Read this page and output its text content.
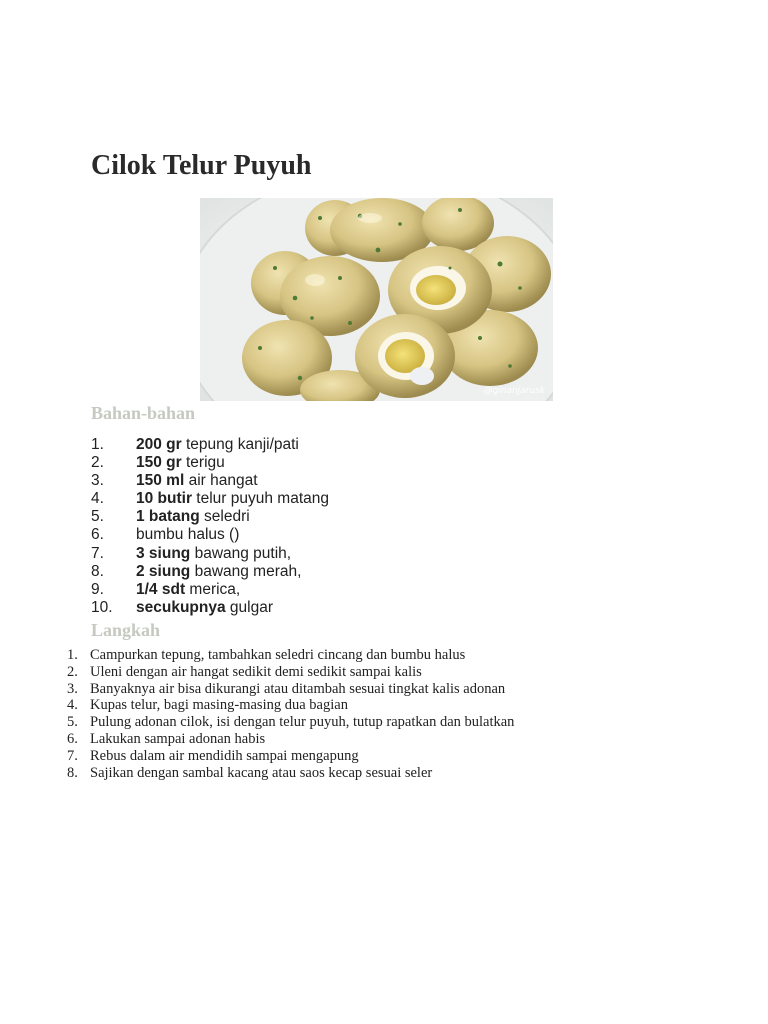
Cilok Telur Puyuh
@ginanjarusk
Bahan-bahan
1. 200 gr tepung kanji/pati
2. 150 gr terigu
3. 150 ml air hangat
4. 10 butir telur puyuh matang
5. 1 batang seledri
6. bumbu halus ()
7. 3 siung bawang putih,
8. 2 siung bawang merah,
9. 1/4 sdt merica,
10. secukupnya gulgar
Langkah
1. Campurkan tepung, tambahkan seledri cincang dan bumbu halus
2. Uleni dengan air hangat sedikit demi sedikit sampai kalis
3. Banyaknya air bisa dikurangi atau ditambah sesuai tingkat kalis adonan
4. Kupas telur, bagi masing-masing dua bagian
5. Pulung adonan cilok, isi dengan telur puyuh, tutup rapatkan dan bulatkan
6. Lakukan sampai adonan habis
7. Rebus dalam air mendidih sampai mengapung
8. Sajikan dengan sambal kacang atau saos kecap sesuai seler
